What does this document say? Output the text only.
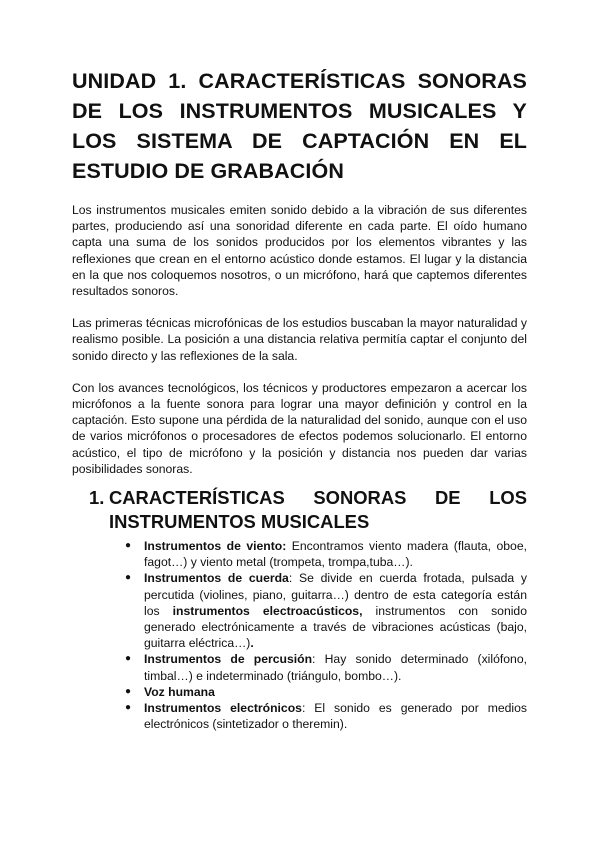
UNIDAD 1. CARACTERÍSTICAS SONORAS DE LOS INSTRUMENTOS MUSICALES Y LOS SISTEMA DE CAPTACIÓN EN EL ESTUDIO DE GRABACIÓN

Los instrumentos musicales emiten sonido debido a la vibración de sus diferentes partes, produciendo así una sonoridad diferente en cada parte. El oído humano capta una suma de los sonidos producidos por los elementos vibrantes y las reflexiones que crean en el entorno acústico donde estamos. El lugar y la distancia en la que nos coloquemos nosotros, o un micrófono, hará que captemos diferentes resultados sonoros.

Las primeras técnicas microfónicas de los estudios buscaban la mayor naturalidad y realismo posible. La posición a una distancia relativa permitía captar el conjunto del sonido directo y las reflexiones de la sala.

Con los avances tecnológicos, los técnicos y productores empezaron a acercar los micrófonos a la fuente sonora para lograr una mayor definición y control en la captación. Esto supone una pérdida de la naturalidad del sonido, aunque con el uso de varios micrófonos o procesadores de efectos podemos solucionarlo. El entorno acústico, el tipo de micrófono y la posición y distancia nos pueden dar varias posibilidades sonoras.

1. CARACTERÍSTICAS SONORAS DE LOS
INSTRUMENTOS MUSICALES
● Instrumentos de viento: Encontramos viento madera (flauta, oboe, fagot…) y viento metal (trompeta, trompa,tuba…).
● Instrumentos de cuerda: Se divide en cuerda frotada, pulsada y percutida (violines, piano, guitarra…) dentro de esta categoría están los instrumentos electroacústicos, instrumentos con sonido generado electrónicamente a través de vibraciones acústicas (bajo, guitarra eléctrica…).
● Instrumentos de percusión: Hay sonido determinado (xilófono, timbal…) e indeterminado (triángulo, bombo…).
● Voz humana
● Instrumentos electrónicos: El sonido es generado por medios electrónicos (sintetizador o theremin).
